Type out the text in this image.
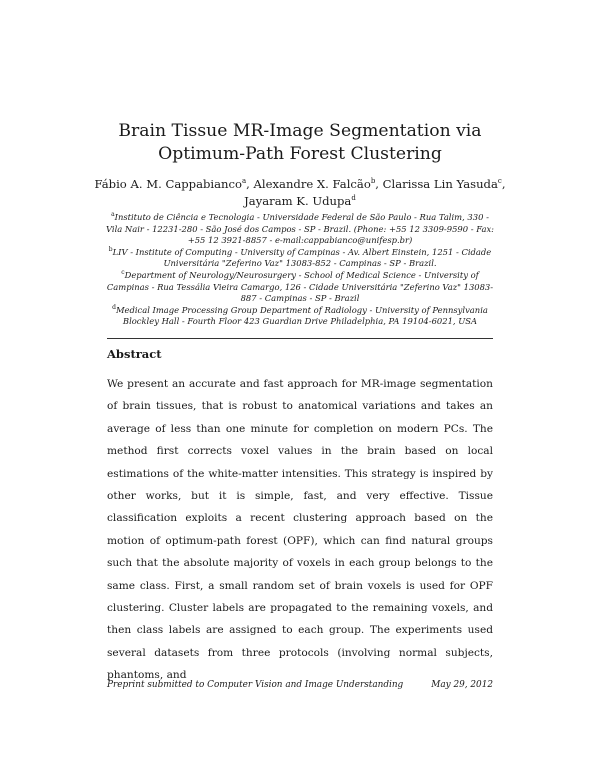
Brain Tissue MR-Image Segmentation via
Optimum-Path Forest Clustering
Fábio A. M. Cappabianco$^a$, Alexandre X. Falcão$^b$, Clarissa Lin Yasuda$^c$,
Jayaram K. Udupa$^d$
$^a$Instituto de Ciência e Tecnologia - Universidade Federal de São Paulo - Rua Talim, 330 - Vila Nair - 12231-280 - São José dos Campos - SP - Brazil. (Phone: +55 12 3309-9590 - Fax: +55 12 3921-8857 - e-mail:cappabianco@unifesp.br)
$^b$LIV - Institute of Computing - University of Campinas - Av. Albert Einstein, 1251 - Cidade Universitária "Zeferino Vaz" 13083-852 - Campinas - SP - Brazil.
$^c$Department of Neurology/Neurosurgery - School of Medical Science - University of Campinas - Rua Tessália Vieira Camargo, 126 - Cidade Universitária "Zeferino Vaz" 13083-887 - Campinas - SP - Brazil
$^d$Medical Image Processing Group Department of Radiology - University of Pennsylvania Blockley Hall - Fourth Floor 423 Guardian Drive Philadelphia, PA 19104-6021, USA
Abstract

We present an accurate and fast approach for MR-image segmentation of brain tissues, that is robust to anatomical variations and takes an average of less than one minute for completion on modern PCs. The method first corrects voxel values in the brain based on local estimations of the white-matter intensities. This strategy is inspired by other works, but it is simple, fast, and very effective. Tissue classification exploits a recent clustering approach based on the motion of optimum-path forest (OPF), which can find natural groups such that the absolute majority of voxels in each group belongs to the same class. First, a small random set of brain voxels is used for OPF clustering. Cluster labels are propagated to the remaining voxels, and then class labels are assigned to each group. The experiments used several datasets from three protocols (involving normal subjects, phantoms, and

Preprint submitted to Computer Vision and Image Understanding	May 29, 2012
